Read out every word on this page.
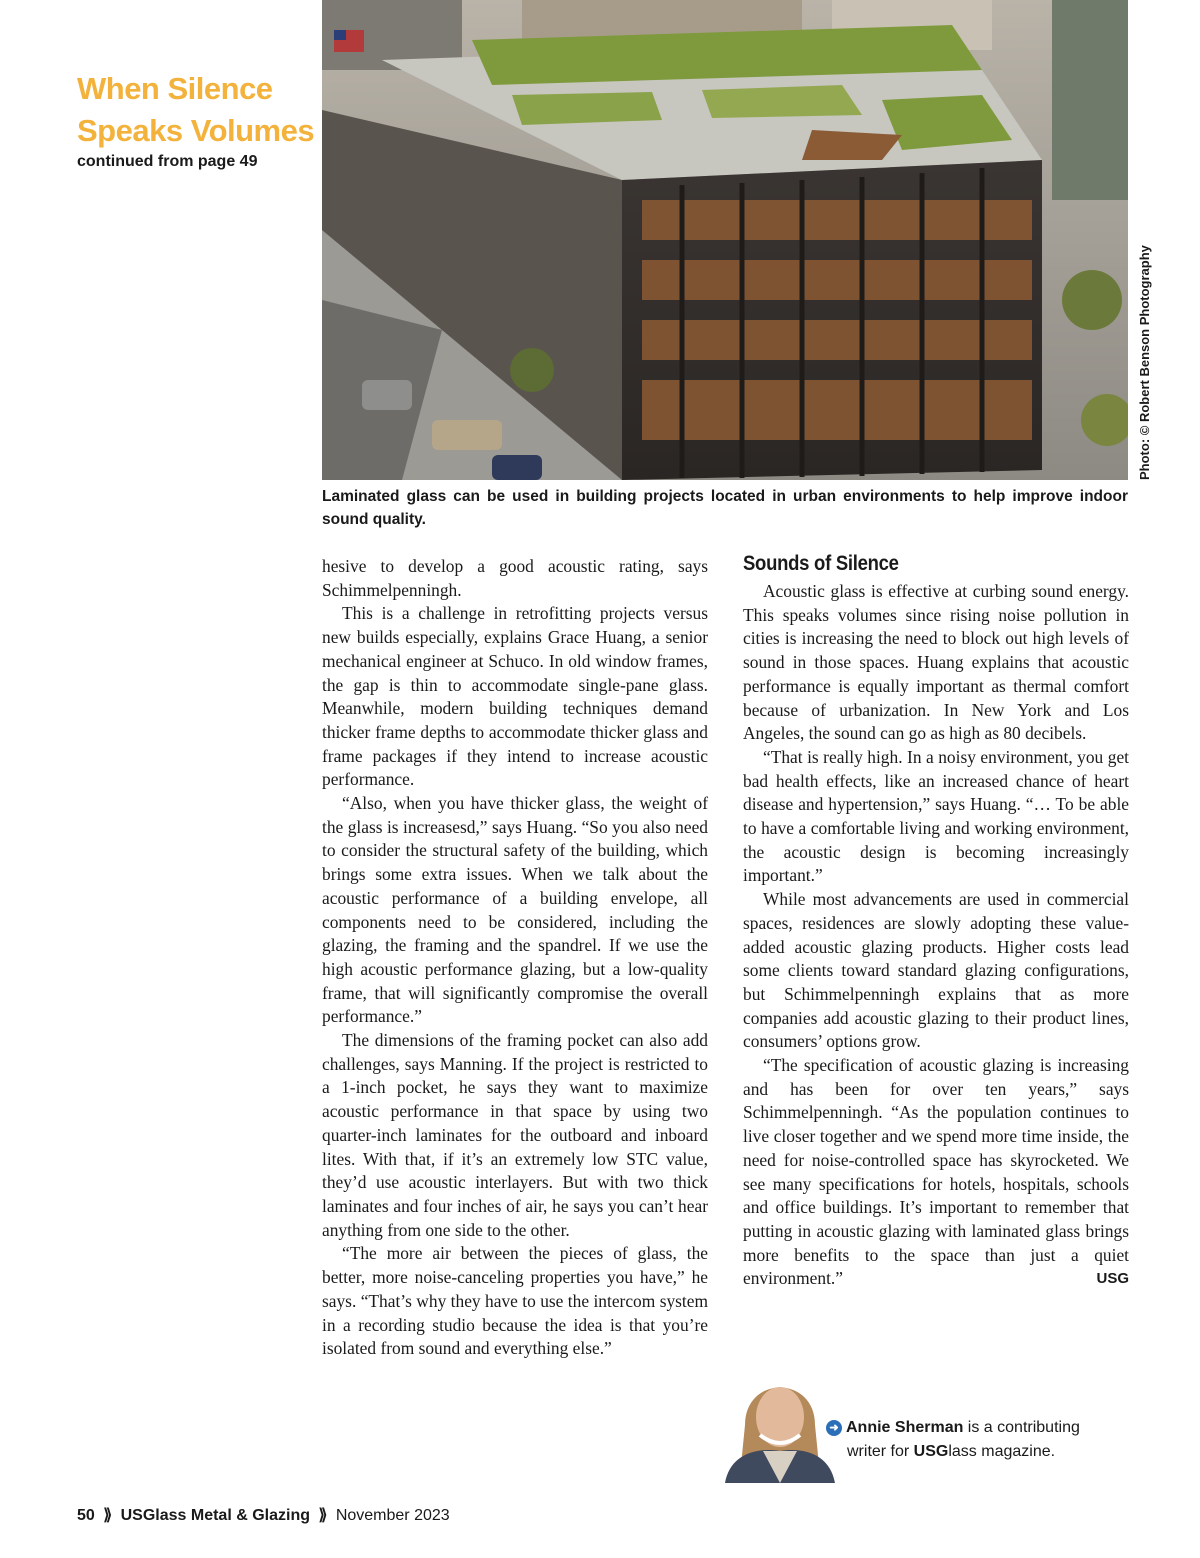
When Silence Speaks Volumes
continued from page 49
Photo: © Robert Benson Photography
Laminated glass can be used in building projects located in urban environments to help improve indoor sound quality.

hesive to develop a good acoustic rating, says Schimmelpenningh.

This is a challenge in retrofitting projects versus new builds especially, explains Grace Huang, a senior mechanical engineer at Schuco. In old window frames, the gap is thin to accommodate single-pane glass. Meanwhile, modern building techniques demand thicker frame depths to accommodate thicker glass and frame packages if they intend to increase acoustic performance.

“Also, when you have thicker glass, the weight of the glass is increasesd,” says Huang. “So you also need to consider the structural safety of the building, which brings some extra issues. When we talk about the acoustic performance of a building envelope, all components need to be considered, including the glazing, the framing and the spandrel. If we use the high acoustic performance glazing, but a low-quality frame, that will significantly compromise the overall performance.”

The dimensions of the framing pocket can also add challenges, says Manning. If the project is restricted to a 1-inch pocket, he says they want to maximize acoustic performance in that space by using two quarter-inch laminates for the outboard and inboard lites. With that, if it’s an extremely low STC value, they’d use acoustic interlayers. But with two thick laminates and four inches of air, he says you can’t hear anything from one side to the other.

“The more air between the pieces of glass, the better, more noise-canceling properties you have,” he says. “That’s why they have to use the intercom system in a recording studio because the idea is that you’re isolated from sound and everything else.”

Sounds of Silence

Acoustic glass is effective at curbing sound energy. This speaks volumes since rising noise pollution in cities is increasing the need to block out high levels of sound in those spaces. Huang explains that acoustic performance is equally important as thermal comfort because of urbanization. In New York and Los Angeles, the sound can go as high as 80 decibels.

“That is really high. In a noisy environment, you get bad health effects, like an increased chance of heart disease and hypertension,” says Huang. “… To be able to have a comfortable living and working environment, the acoustic design is becoming increasingly important.”

While most advancements are used in commercial spaces, residences are slowly adopting these value-added acoustic glazing products. Higher costs lead some clients toward standard glazing configurations, but Schimmelpenningh explains that as more companies add acoustic glazing to their product lines, consumers’ options grow.

“The specification of acoustic glazing is increasing and has been for over ten years,” says Schimmelpenningh. “As the population continues to live closer together and we spend more time inside, the need for noise-controlled space has skyrocketed. We see many specifications for hotels, hospitals, schools and office buildings. It’s important to remember that putting in acoustic glazing with laminated glass brings more benefits to the space than just a quiet environment.”	USG

➜ Annie Sherman is a contributing
writer for USGlass magazine.
50 ⟫ USGlass Metal & Glazing ⟫ November 2023
